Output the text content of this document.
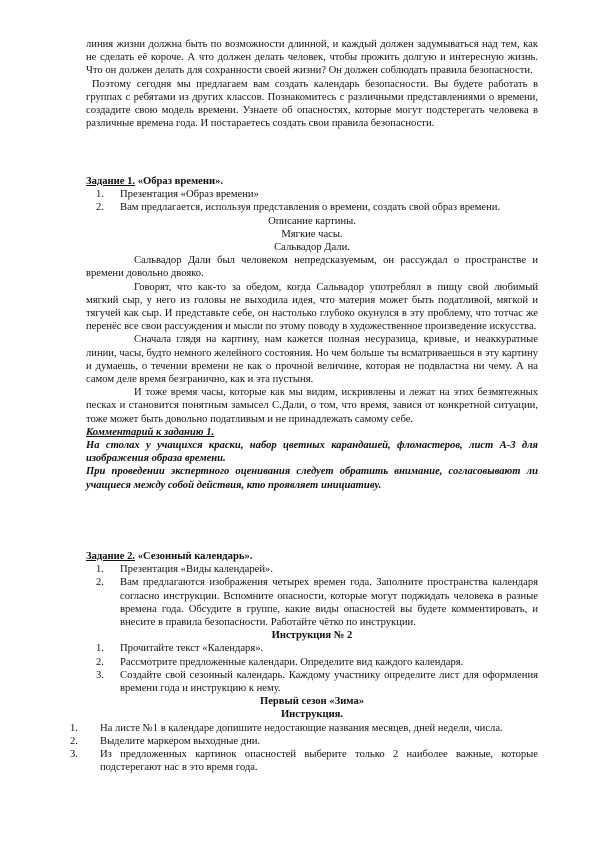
линия жизни должна быть по возможности длинной, и каждый должен задумываться над тем, как не сделать её короче. А что должен делать человек, чтобы прожить долгую и интересную жизнь. Что он должен делать для сохранности своей жизни? Он должен соблюдать правила безопасности.

Поэтому сегодня мы предлагаем вам создать календарь безопасности. Вы будете работать в группах с ребятами из других классов. Познакомитесь с различными представлениями о времени, создадите свою модель времени. Узнаете об опасностях, которые могут подстерегать человека в различные времена года. И постараетесь создать свои правила безопасности.

Задание 1. «Образ времени».

1. Презентация «Образ времени»
2. Вам предлагается, используя представления о времени, создать свой образ времени.

Описание картины.

Мягкие часы.

Сальвадор Дали.

Сальвадор Дали был человеком непредсказуемым, он рассуждал о пространстве и времени довольно двояко.

Говорят, что как-то за обедом, когда Сальвадор употреблял в пищу свой любимый мягкий сыр, у него из головы не выходила идея, что материя может быть податливой, мягкой и тягучей как сыр. И представьте себе, он настолько глубоко окунулся в эту проблему, что тотчас же перенёс все свои рассуждения и мысли по этому поводу в художественное произведение искусства.

Сначала глядя на картину, нам кажется полная несуразица, кривые, и неаккуратные линии, часы, будто немного желейного состояния. Но чем больше ты всматриваешься в эту картину и думаешь, о течении времени не как о прочной величине, которая не подвластна ни чему. А на самом деле время безгранично, как и эта пустыня.

И тоже время часы, которые как мы видим, искривлены и лежат на этих безмятежных песках и становится понятным замысел С.Дали, о том, что время, завися от конкретной ситуации, тоже может быть довольно податливым и не принадлежать самому себе.

Комментарий к заданию 1.

На столах у учащихся краски, набор цветных карандашей, фломастеров, лист А-3 для изображения образа времени.

При проведении экспертного оценивания следует обратить внимание, согласовывают ли учащиеся между собой действия, кто проявляет инициативу.

Задание 2. «Сезонный календарь».

1. Презентация «Виды календарей».
2. Вам предлагаются изображения четырех времен года. Заполните пространства календаря согласно инструкции. Вспомните опасности, которые могут поджидать человека в разные времена года. Обсудите в группе, какие виды опасностей вы будете комментировать, и внесите в правила безопасности. Работайте чётко по инструкции.

Инструкция № 2

1. Прочитайте текст «Календаря».
2. Рассмотрите предложенные календари. Определите вид каждого календаря.
3. Создайте свой сезонный календарь. Каждому участнику определите лист для оформления времени года и инструкцию к нему.

Первый сезон «Зима»

Инструкция.

1. На листе №1 в календаре допишите недостающие названия месяцев, дней недели, числа.
2. Выделите маркером выходные дни.
3. Из предложенных картинок опасностей выберите только 2 наиболее важные, которые подстерегают нас в это время года.
